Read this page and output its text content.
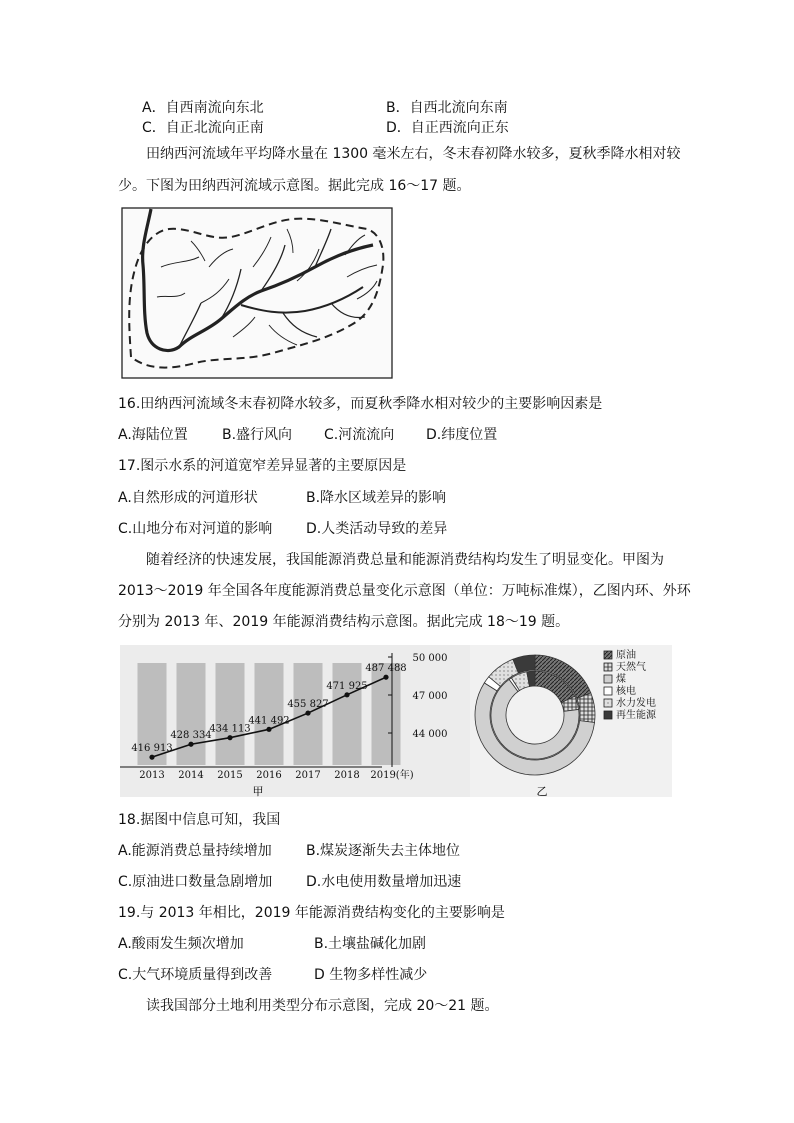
A．自西南流向东北	B．自西北流向东南
C．自正北流向正南	D．自正西流向正东
田纳西河流域年平均降水量在 1300 毫米左右，冬末春初降水较多，夏秋季降水相对较
少。下图为田纳西河流域示意图。据此完成 16～17 题。
16.田纳西河流域冬末春初降水较多，而夏秋季降水相对较少的主要影响因素是
A.海陆位置 B.盛行风向 C.河流流向 D.纬度位置
17.图示水系的河道宽窄差异显著的主要原因是
A.自然形成的河道形状	B.降水区域差异的影响
C.山地分布对河道的影响 D.人类活动导致的差异
随着经济的快速发展，我国能源消费总量和能源消费结构均发生了明显变化。甲图为
2013～2019 年全国各年度能源消费总量变化示意图（单位：万吨标准煤），乙图内环、外环
分别为 2013 年、2019 年能源消费结构示意图。据此完成 18～19 题。
50 000
47 000
44 000
416 913
428 334
434 113
441 492
455 827
471 925
487 488
2013 2014 2015 2016 2017 2018 2019(年)
甲
原油
天然气
煤
核电
水力发电
再生能源
乙
18.据图中信息可知，我国
A.能源消费总量持续增加 B.煤炭逐渐失去主体地位
C.原油进口数量急剧增加 D.水电使用数量增加迅速
19.与 2013 年相比，2019 年能源消费结构变化的主要影响是
A.酸雨发生频次增加	B.土壤盐碱化加剧
C.大气环境质量得到改善	D 生物多样性减少
读我国部分土地利用类型分布示意图，完成 20～21 题。
